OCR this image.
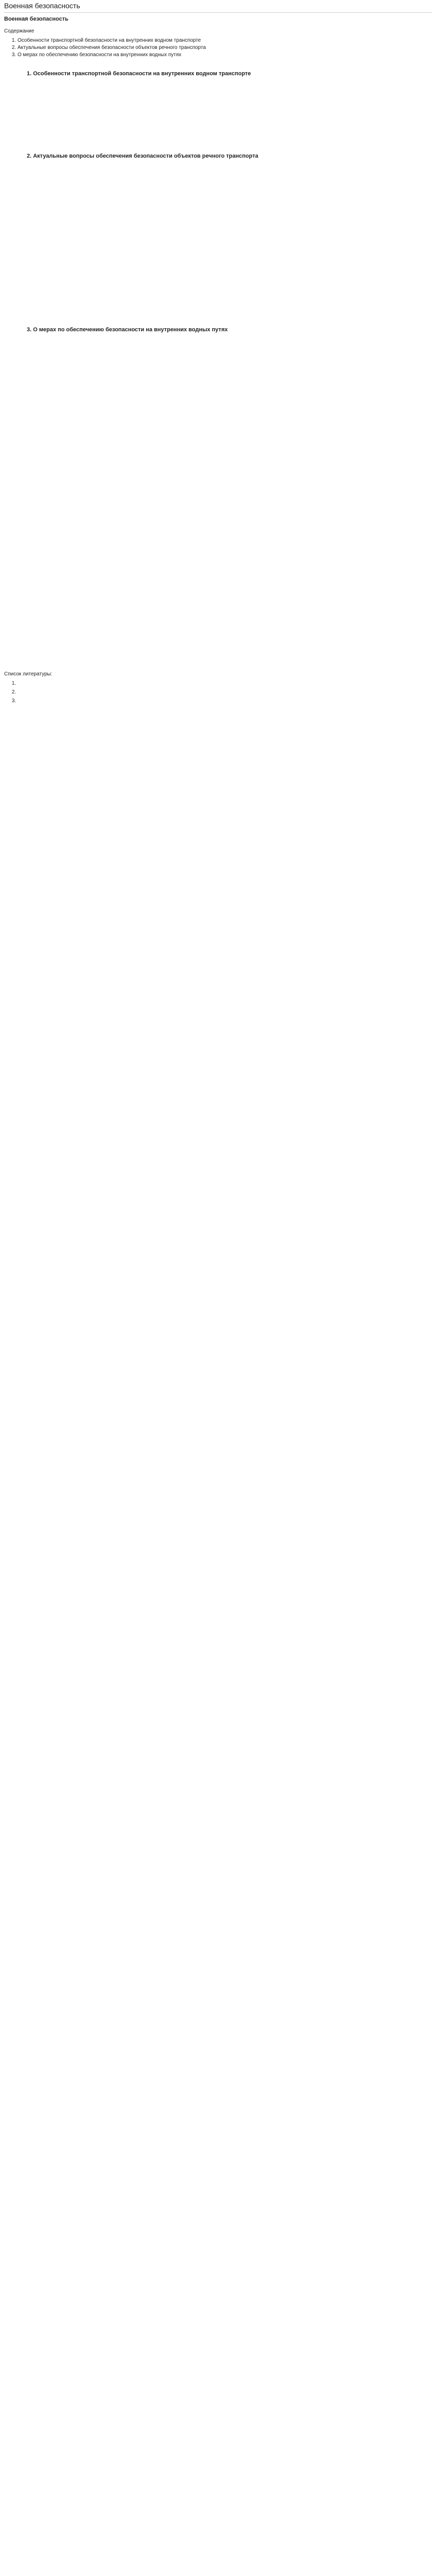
Военная безопасность
Военная безопасность
Содержание
1. Особенности транспортной безопасности на внутренних водном транспорте
2. Актуальные вопросы обеспечения безопасности объектов речного транспорта
3. О мерах по обеспечению безопасности на внутренних водных путях
1. Особенности транспортной безопасности на внутренних водном транспорте

2. Актуальные вопросы обеспечения безопасности объектов речного транспорта

3. О мерах по обеспечению безопасности на внутренних водных путях

Список литературы:
1.
2.
3.
